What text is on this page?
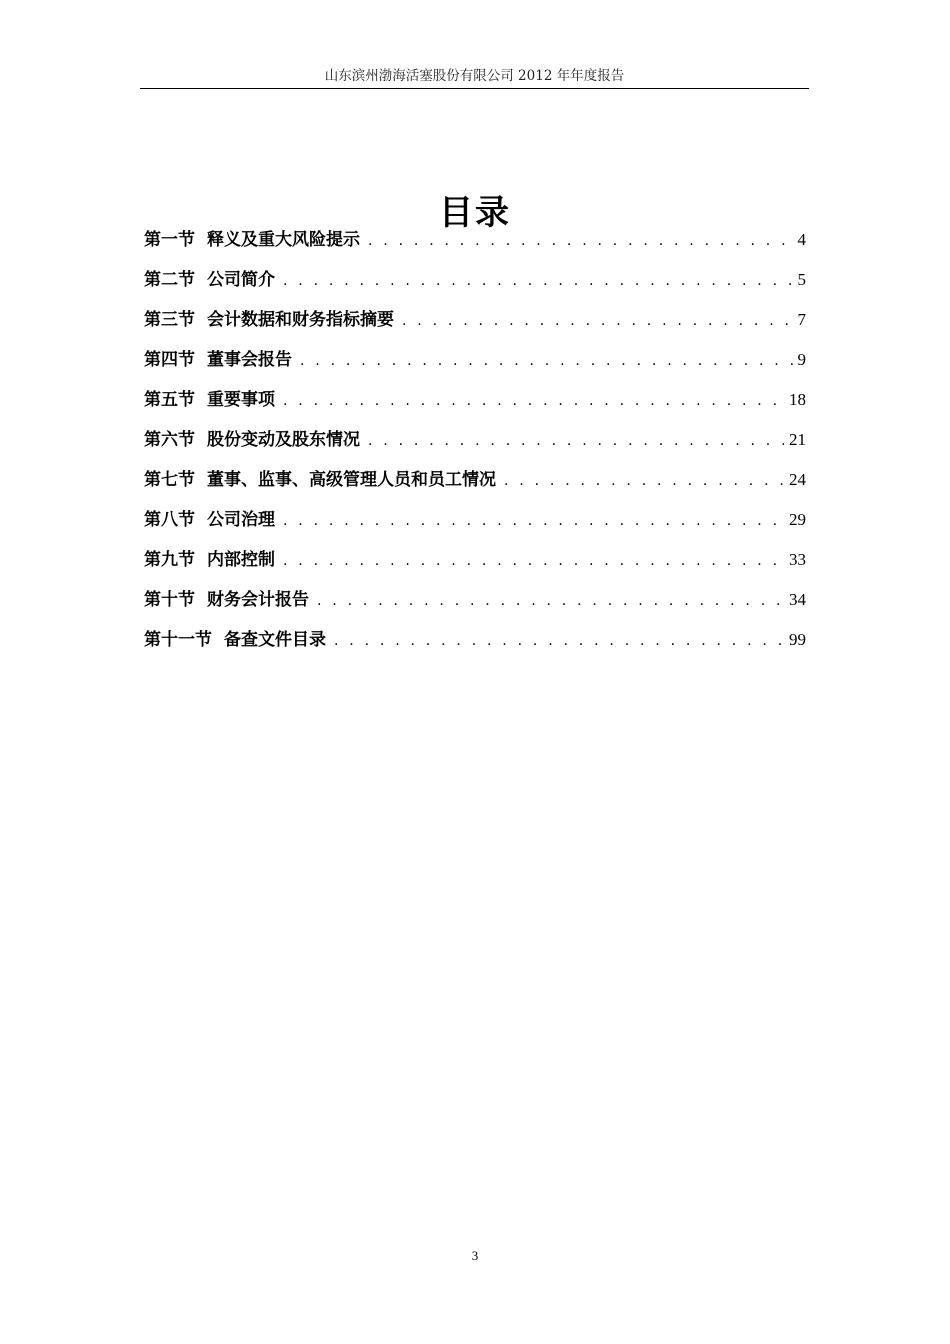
山东滨州渤海活塞股份有限公司 2012 年年度报告
目录
第一节 释义及重大风险提示 . . .	4
第二节 公司简介 . . .	5
第三节 会计数据和财务指标摘要 . . .	7
第四节 董事会报告 . . .	9
第五节 重要事项 . . .	18
第六节 股份变动及股东情况 . . .	21
第七节 董事、监事、高级管理人员和员工情况 . . .	24
第八节 公司治理 . . .	29
第九节 内部控制 . . .	33
第十节 财务会计报告 . . .	34
第十一节 备查文件目录 . . .	99
3
